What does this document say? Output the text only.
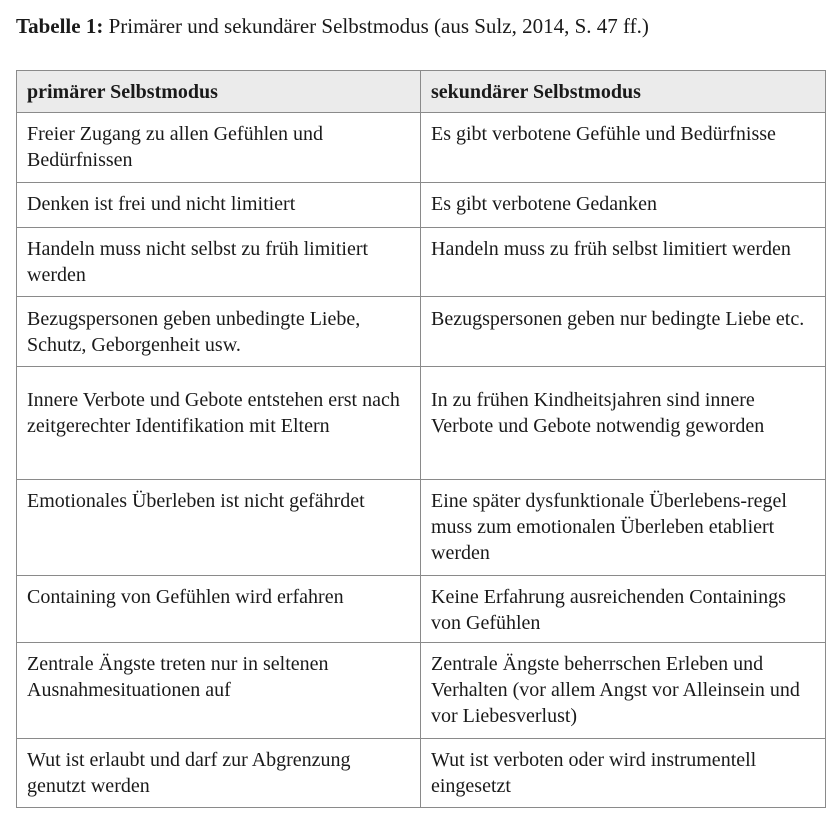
Tabelle 1: Primärer und sekundärer Selbstmodus (aus Sulz, 2014, S. 47 ff.)
primärer Selbstmodus	sekundärer Selbstmodus
Freier Zugang zu allen Gefühlen und Bedürfnissen	Es gibt verbotene Gefühle und Bedürfnisse
Denken ist frei und nicht limitiert	Es gibt verbotene Gedanken
Handeln muss nicht selbst zu früh limitiert werden	Handeln muss zu früh selbst limitiert werden
Bezugspersonen geben unbedingte Liebe, Schutz, Geborgenheit usw.	Bezugspersonen geben nur bedingte Liebe etc.
Innere Verbote und Gebote entstehen erst nach zeitgerechter Identifikation mit Eltern	In zu frühen Kindheitsjahren sind innere Verbote und Gebote notwendig geworden
Emotionales Überleben ist nicht gefährdet	Eine später dysfunktionale Überlebens-regel muss zum emotionalen Überleben etabliert werden
Containing von Gefühlen wird erfahren	Keine Erfahrung ausreichenden Containings von Gefühlen
Zentrale Ängste treten nur in seltenen Ausnahmesituationen auf	Zentrale Ängste beherrschen Erleben und Verhalten (vor allem Angst vor Alleinsein und vor Liebesverlust)
Wut ist erlaubt und darf zur Abgrenzung genutzt werden	Wut ist verboten oder wird instrumentell eingesetzt
